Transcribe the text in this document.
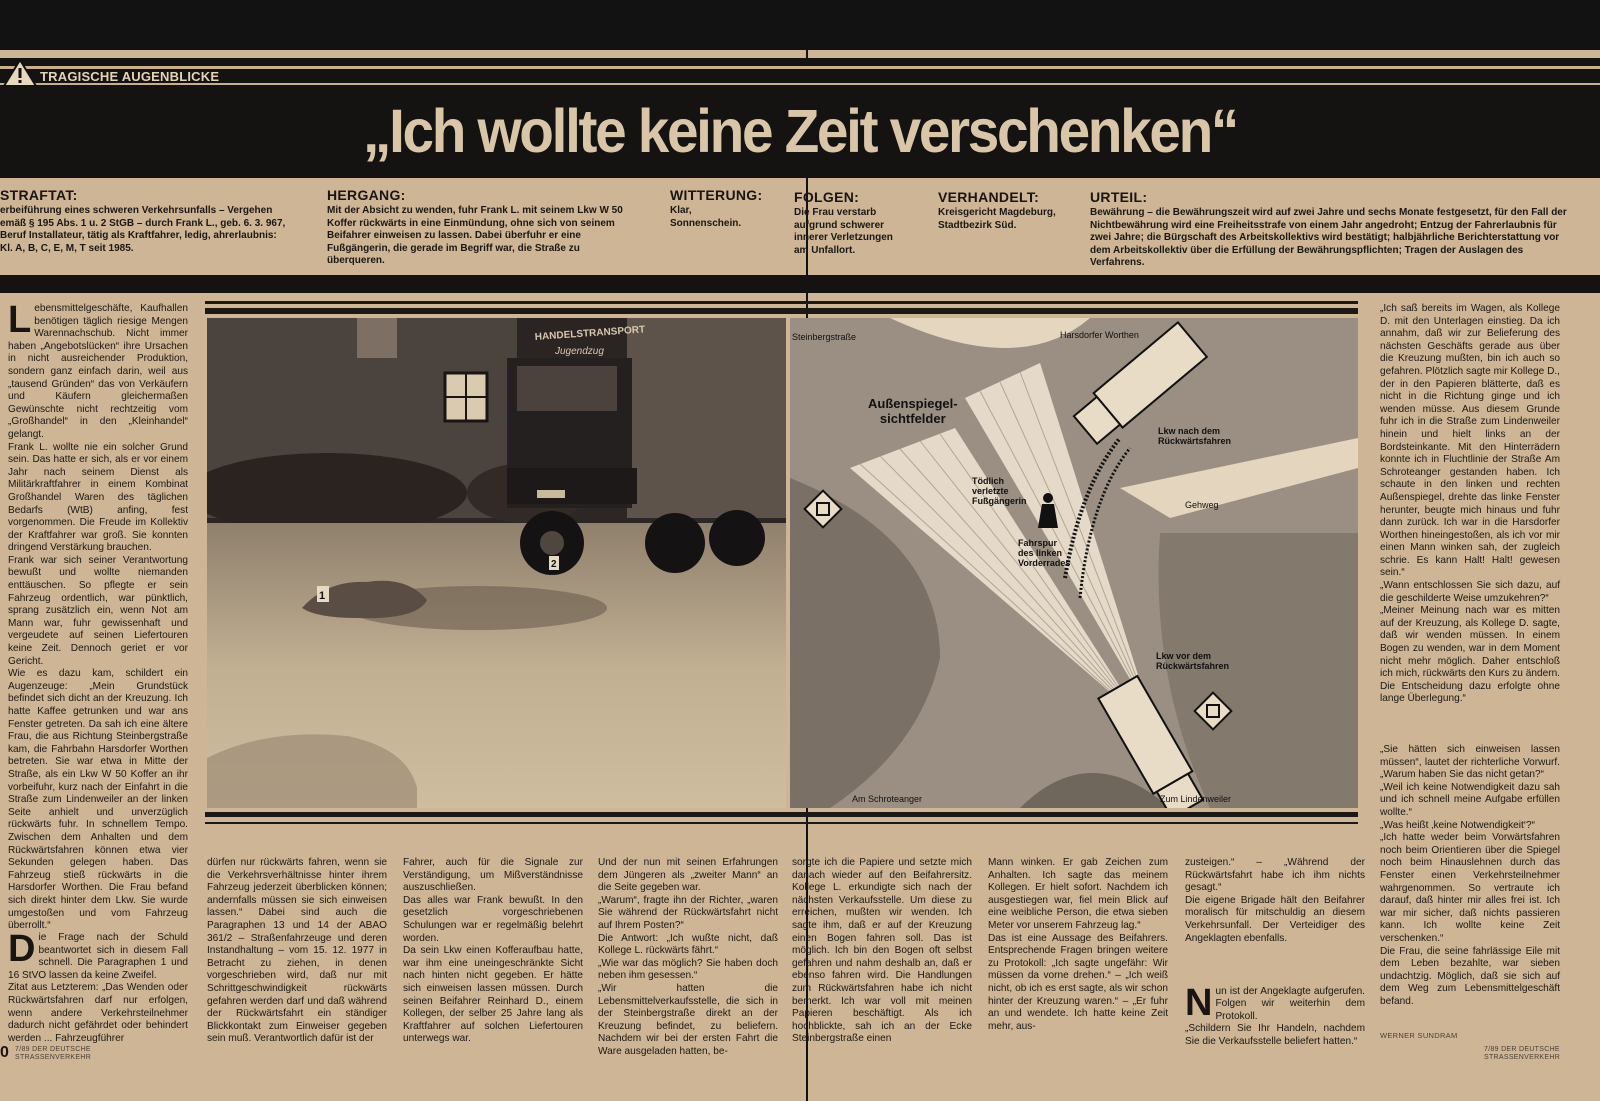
TRAGISCHE AUGENBLICKE
„Ich wollte keine Zeit verschenken“
STRAFTAT:
erbeiführung eines schweren Verkehrsunfalls – Vergehen emäß § 195 Abs. 1 u. 2 StGB – durch Frank L., geb. 6. 3. 967, Beruf Installateur, tätig als Kraftfahrer, ledig, ahrerlaubnis: Kl. A, B, C, E, M, T seit 1985.
HERGANG:
Mit der Absicht zu wenden, fuhr Frank L. mit seinem Lkw W 50 Koffer rückwärts in eine Einmündung, ohne sich von seinem Beifahrer einweisen zu lassen. Dabei überfuhr er eine Fußgängerin, die gerade im Begriff war, die Straße zu überqueren.
WITTERUNG:
Klar, Sonnenschein.
FOLGEN:
Die Frau verstarb aufgrund schwerer innerer Verletzungen am Unfallort.
VERHANDELT:
Kreisgericht Magdeburg, Stadtbezirk Süd.
URTEIL:
Bewährung – die Bewährungszeit wird auf zwei Jahre und sechs Monate festgesetzt, für den Fall der Nichtbewährung wird eine Freiheitsstrafe von einem Jahr angedroht; Entzug der Fahrerlaubnis für zwei Jahre; die Bürgschaft des Arbeitskollektivs wird bestätigt; halbjährliche Berichterstattung vor dem Arbeitskollektiv über die Erfüllung der Bewährungspflichten; Tragen der Auslagen des Verfahrens.
HANDELSTRANSPORT
Jugendzug
1
2
Steinbergstraße	Harsdorfer Worthen
Am Schroteanger	Zum Lindenweiler
Gehweg
Außenspiegel-
sichtfelder
Lkw nach dem
Rückwärtsfahren
Lkw vor dem
Rückwärtsfahren
Tödlich
verletzte
Fußgängerin
Fahrspur
des linken
Vorderrades

Lebensmittelgeschäfte, Kaufhallen benötigen täglich riesige Mengen Warennachschub. Nicht immer haben „Angebotslücken“ ihre Ursachen in nicht ausreichender Produktion, sondern ganz einfach darin, weil aus „tausend Gründen“ das von Verkäufern und Käufern gleichermaßen Gewünschte nicht rechtzeitig vom „Großhandel“ in den „Kleinhandel“ gelangt.

Frank L. wollte nie ein solcher Grund sein. Das hatte er sich, als er vor einem Jahr nach seinem Dienst als Militärkraftfahrer in einem Kombinat Großhandel Waren des täglichen Bedarfs (WtB) anfing, fest vorgenommen. Die Freude im Kollektiv der Kraftfahrer war groß. Sie konnten dringend Verstärkung brauchen.

Frank war sich seiner Verantwortung bewußt und wollte niemanden enttäuschen. So pflegte er sein Fahrzeug ordentlich, war pünktlich, sprang zusätzlich ein, wenn Not am Mann war, fuhr gewissenhaft und vergeudete auf seinen Liefertouren keine Zeit. Dennoch geriet er vor Gericht.

Wie es dazu kam, schildert ein Augenzeuge: „Mein Grundstück befindet sich dicht an der Kreuzung. Ich hatte Kaffee getrunken und war ans Fenster getreten. Da sah ich eine ältere Frau, die aus Richtung Steinbergstraße kam, die Fahrbahn Harsdorfer Worthen betreten. Sie war etwa in Mitte der Straße, als ein Lkw W 50 Koffer an ihr vorbeifuhr, kurz nach der Einfahrt in die Straße zum Lindenweiler an der linken Seite anhielt und unverzüglich rückwärts fuhr. In schnellem Tempo. Zwischen dem Anhalten und dem Rückwärtsfahren können etwa vier Sekunden gelegen haben. Das Fahrzeug stieß rückwärts in die Harsdorfer Worthen. Die Frau befand sich direkt hinter dem Lkw. Sie wurde umgestoßen und vom Fahrzeug überrollt.“

Die Frage nach der Schuld beantwortet sich in diesem Fall schnell. Die Paragraphen 1 und 16 StVO lassen da keine Zweifel.

Zitat aus Letzterem: „Das Wenden oder Rückwärtsfahren darf nur erfolgen, wenn andere Verkehrsteilnehmer dadurch nicht gefährdet oder behindert werden ... Fahrzeugführer

dürfen nur rückwärts fahren, wenn sie die Verkehrsverhältnisse hinter ihrem Fahrzeug jederzeit überblicken können; andernfalls müssen sie sich einweisen lassen.“ Dabei sind auch die Paragraphen 13 und 14 der ABAO 361/2 – Straßenfahrzeuge und deren Instandhaltung – vom 15. 12. 1977 in Betracht zu ziehen, in denen vorgeschrieben wird, daß nur mit Schrittgeschwindigkeit rückwärts gefahren werden darf und daß während der Rückwärtsfahrt ein ständiger Blickkontakt zum Einweiser gegeben sein muß. Verantwortlich dafür ist der
Fahrer, auch für die Signale zur Verständigung, um Mißverständnisse auszuschließen.
Das alles war Frank bewußt. In den gesetzlich vorgeschriebenen Schulungen war er regelmäßig belehrt worden.
Da sein Lkw einen Kofferaufbau hatte, war ihm eine uneingeschränkte Sicht nach hinten nicht gegeben. Er hätte sich einweisen lassen müssen. Durch seinen Beifahrer Reinhard D., einem Kollegen, der selber 25 Jahre lang als Kraftfahrer auf solchen Liefertouren unterwegs war.
Und der nun mit seinen Erfahrungen dem Jüngeren als „zweiter Mann“ an die Seite gegeben war.
„Warum“, fragte ihn der Richter, „waren Sie während der Rückwärtsfahrt nicht auf Ihrem Posten?“
Die Antwort: „Ich wußte nicht, daß Kollege L. rückwärts fährt.“
„Wie war das möglich? Sie haben doch neben ihm gesessen.“
„Wir hatten die Lebensmittelverkaufsstelle, die sich in der Steinbergstraße direkt an der Kreuzung befindet, zu beliefern. Nachdem wir bei der ersten Fahrt die Ware ausgeladen hatten, be-
sorgte ich die Papiere und setzte mich danach wieder auf den Beifahrersitz. Kollege L. erkundigte sich nach der nächsten Verkaufsstelle. Um diese zu erreichen, mußten wir wenden. Ich sagte ihm, daß er auf der Kreuzung einen Bogen fahren soll. Das ist möglich. Ich bin den Bogen oft selbst gefahren und nahm deshalb an, daß er ebenso fahren wird. Die Handlungen zum Rückwärtsfahren habe ich nicht bemerkt. Ich war voll mit meinen Papieren beschäftigt. Als ich hochblickte, sah ich an der Ecke Steinbergstraße einen
Mann winken. Er gab Zeichen zum Anhalten. Ich sagte das meinem Kollegen. Er hielt sofort. Nachdem ich ausgestiegen war, fiel mein Blick auf eine weibliche Person, die etwa sieben Meter vor unserem Fahrzeug lag.“
Das ist eine Aussage des Beifahrers. Entsprechende Fragen bringen weitere zu Protokoll: „Ich sagte ungefähr: Wir müssen da vorne drehen.“ – „Ich weiß nicht, ob ich es erst sagte, als wir schon hinter der Kreuzung waren.“ – „Er fuhr an und wendete. Ich hatte keine Zeit mehr, aus-
zusteigen.“ – „Während der Rückwärtsfahrt habe ich ihm nichts gesagt.“
Die eigene Brigade hält den Beifahrer moralisch für mitschuldig an diesem Verkehrsunfall. Der Verteidiger des Angeklagten ebenfalls.

Nun ist der Angeklagte aufgerufen. Folgen wir weiterhin dem Protokoll.
„Schildern Sie Ihr Handeln, nachdem Sie die Verkaufsstelle beliefert hatten.“

„Ich saß bereits im Wagen, als Kollege D. mit den Unterlagen einstieg. Da ich annahm, daß wir zur Belieferung des nächsten Geschäfts gerade aus über die Kreuzung mußten, bin ich auch so gefahren. Plötzlich sagte mir Kollege D., der in den Papieren blätterte, daß es nicht in die Richtung ginge und ich wenden müsse. Aus diesem Grunde fuhr ich in die Straße zum Lindenweiler hinein und hielt links an der Bordsteinkante. Mit den Hinterrädern konnte ich in Fluchtlinie der Straße Am Schroteanger gestanden haben. Ich schaute in den linken und rechten Außenspiegel, drehte das linke Fenster herunter, beugte mich hinaus und fuhr dann zurück. Ich war in die Harsdorfer Worthen hineingestoßen, als ich vor mir einen Mann winken sah, der zugleich schrie. Es kann Halt! Halt! gewesen sein.“
„Wann entschlossen Sie sich dazu, auf die geschilderte Weise umzukehren?“
„Meiner Meinung nach war es mitten auf der Kreuzung, als Kollege D. sagte, daß wir wenden müssen. In einem Bogen zu wenden, war in dem Moment nicht mehr möglich. Daher entschloß ich mich, rückwärts den Kurs zu ändern. Die Entscheidung dazu erfolgte ohne lange Überlegung.“
„Sie hätten sich einweisen lassen müssen“, lautet der richterliche Vorwurf. „Warum haben Sie das nicht getan?“
„Weil ich keine Notwendigkeit dazu sah und ich schnell meine Aufgabe erfüllen wollte.“
„Was heißt ‚keine Notwendigkeit‘?“
„Ich hatte weder beim Vorwärtsfahren noch beim Orientieren über die Spiegel noch beim Hinauslehnen durch das Fenster einen Verkehrsteilnehmer wahrgenommen. So vertraute ich darauf, daß hinter mir alles frei ist. Ich war mir sicher, daß nichts passieren kann. Ich wollte keine Zeit verschenken.“
Die Frau, die seine fahrlässige Eile mit dem Leben bezahlte, war sieben undachtzig. Möglich, daß sie sich auf dem Weg zum Lebensmittelgeschäft befand.
0 7/89 DER DEUTSCHE
STRASSENVERKEHR
7/89 DER DEUTSCHE
STRASSENVERKEHR
WERNER SUNDRAM
